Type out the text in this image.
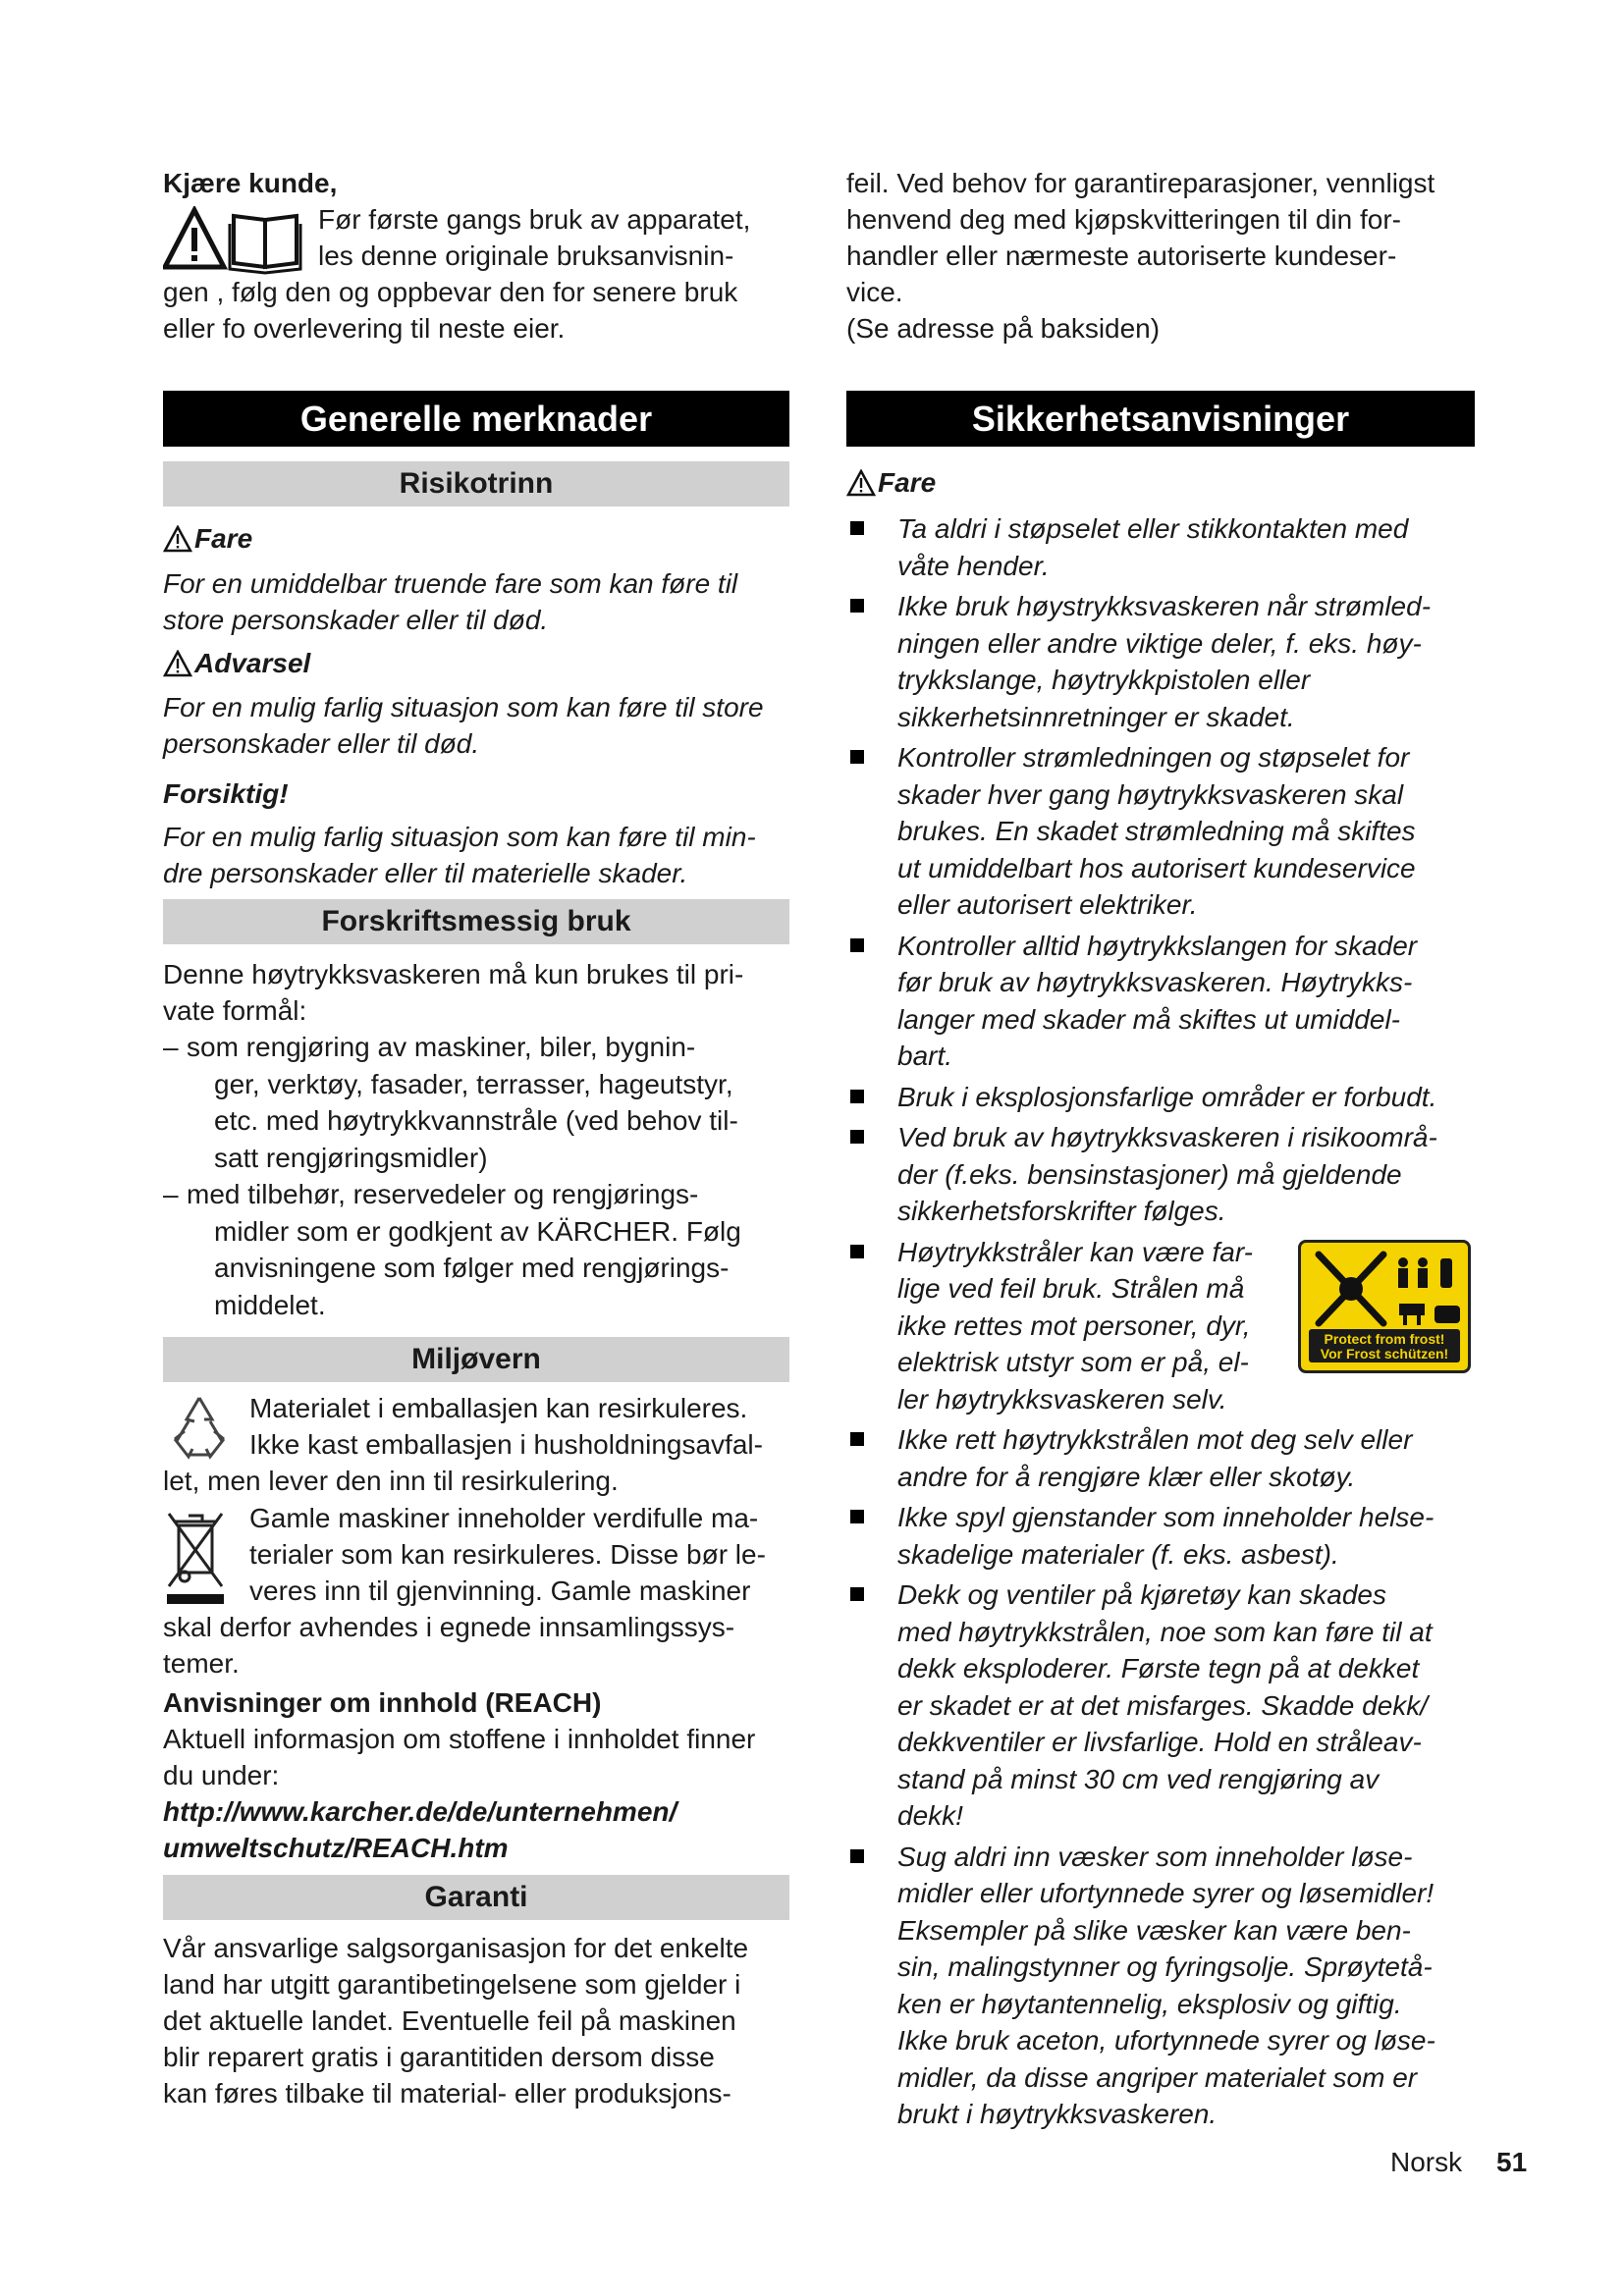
Kjære kunde,
Før første gangs bruk av apparatet,
les denne originale bruksanvisnin-
gen , følg den og oppbevar den for senere bruk
eller fo overlevering til neste eier.
Generelle merknader
Risikotrinn
Fare
For en umiddelbar truende fare som kan føre til
store personskader eller til død.
Advarsel
For en mulig farlig situasjon som kan føre til store
personskader eller til død.
Forsiktig!
For en mulig farlig situasjon som kan føre til min-
dre personskader eller til materielle skader.
Forskriftsmessig bruk
Denne høytrykksvaskeren må kun brukes til pri-
vate formål:
– som rengjøring av maskiner, biler, bygnin-
ger, verktøy, fasader, terrasser, hageutstyr,
etc. med høytrykkvannstråle (ved behov til-
satt rengjøringsmidler)
– med tilbehør, reservedeler og rengjørings-
midler som er godkjent av KÄRCHER. Følg
anvisningene som følger med rengjørings-
middelet.
Miljøvern
Materialet i emballasjen kan resirkuleres.
Ikke kast emballasjen i husholdningsavfal-
let, men lever den inn til resirkulering.
Gamle maskiner inneholder verdifulle ma-
terialer som kan resirkuleres. Disse bør le-
veres inn til gjenvinning. Gamle maskiner
skal derfor avhendes i egnede innsamlingssys-
temer.
Anvisninger om innhold (REACH)
Aktuell informasjon om stoffene i innholdet finner
du under:
http://www.karcher.de/de/unternehmen/
umweltschutz/REACH.htm
Garanti
Vår ansvarlige salgsorganisasjon for det enkelte
land har utgitt garantibetingelsene som gjelder i
det aktuelle landet. Eventuelle feil på maskinen
blir reparert gratis i garantitiden dersom disse
kan føres tilbake til material- eller produksjons-
feil. Ved behov for garantireparasjoner, vennligst
henvend deg med kjøpskvitteringen til din for-
handler eller nærmeste autoriserte kundeser-
vice.
(Se adresse på baksiden)
Sikkerhetsanvisninger
Fare
Ta aldri i støpselet eller stikkontakten med
våte hender.
Ikke bruk høystrykksvaskeren når strømled-
ningen eller andre viktige deler, f. eks. høy-
trykkslange, høytrykkpistolen eller
sikkerhetsinnretninger er skadet.
Kontroller strømledningen og støpselet for
skader hver gang høytrykksvaskeren skal
brukes. En skadet strømledning må skiftes
ut umiddelbart hos autorisert kundeservice
eller autorisert elektriker.
Kontroller alltid høytrykkslangen for skader
før bruk av høytrykksvaskeren. Høytrykks-
langer med skader må skiftes ut umiddel-
bart.
Bruk i eksplosjonsfarlige områder er forbudt.
Ved bruk av høytrykksvaskeren i risikoområ-
der (f.eks. bensinstasjoner) må gjeldende
sikkerhetsforskrifter følges.
Høytrykkstråler kan være far-
lige ved feil bruk. Strålen må
ikke rettes mot personer, dyr,
elektrisk utstyr som er på, el-
ler høytrykksvaskeren selv.
Protect from frost!
Vor Frost schützen!
Ikke rett høytrykkstrålen mot deg selv eller
andre for å rengjøre klær eller skotøy.
Ikke spyl gjenstander som inneholder helse-
skadelige materialer (f. eks. asbest).
Dekk og ventiler på kjøretøy kan skades
med høytrykkstrålen, noe som kan føre til at
dekk eksploderer. Første tegn på at dekket
er skadet er at det misfarges. Skadde dekk/
dekkventiler er livsfarlige. Hold en stråleav-
stand på minst 30 cm ved rengjøring av
dekk!
Sug aldri inn væsker som inneholder løse-
midler eller ufortynnede syrer og løsemidler!
Eksempler på slike væsker kan være ben-
sin, malingstynner og fyringsolje. Sprøytetå-
ken er høytantennelig, eksplosiv og giftig.
Ikke bruk aceton, ufortynnede syrer og løse-
midler, da disse angriper materialet som er
brukt i høytrykksvaskeren.
Norsk 51
